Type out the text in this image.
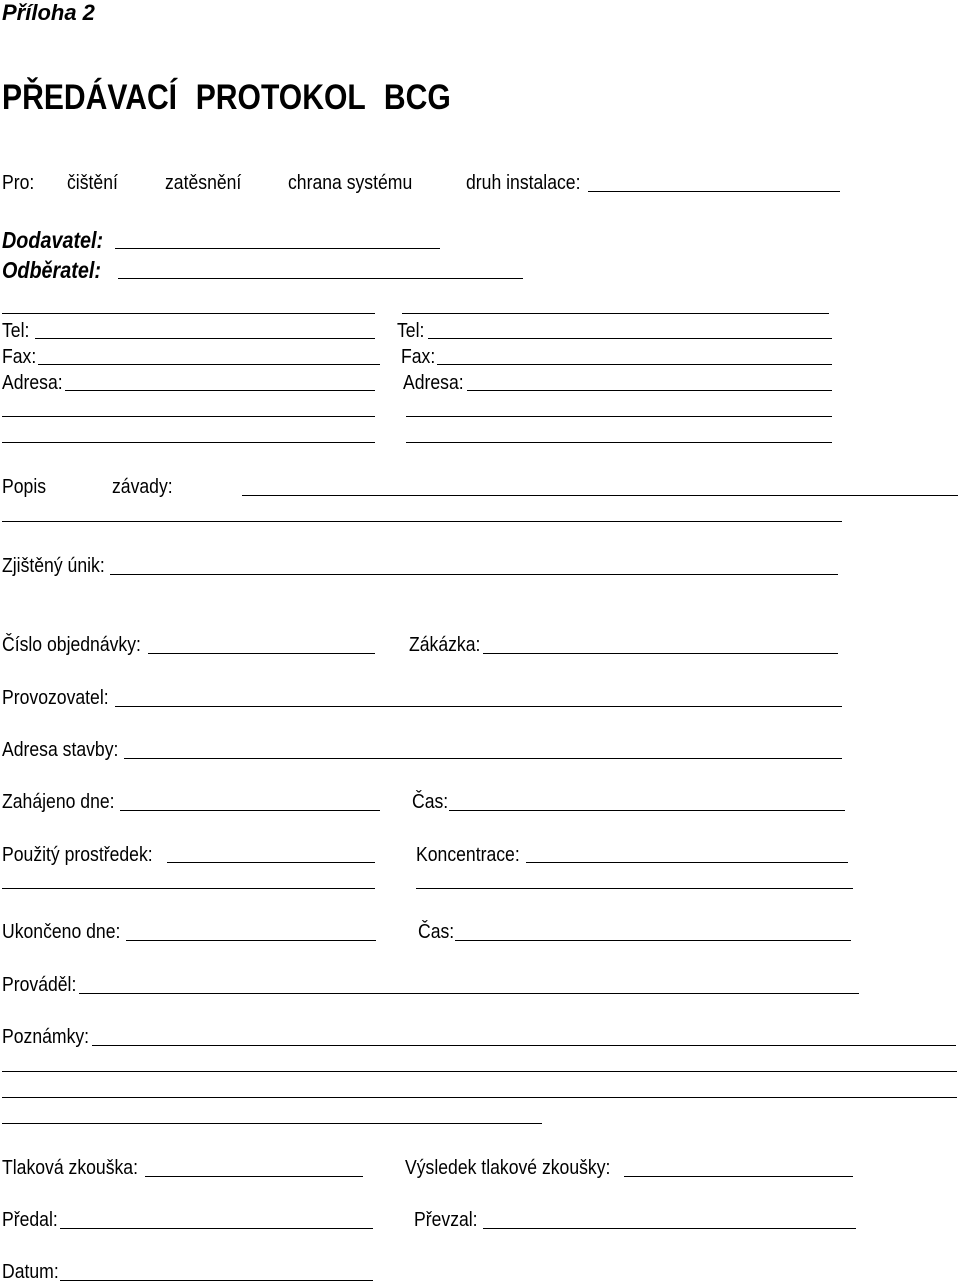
Příloha 2
PŘEDÁVACÍ PROTOKOL BCG
Pro: čištění zatěsnění chrana systému	druh instalace:
Dodavatel:
Odběratel:
Tel:	Tel:
Fax:	Fax:
Adresa:	Adresa:
Popis	závady:
Zjištěný únik:
Číslo objednávky:	Zákázka:
Provozovatel:
Adresa stavby:
Zahájeno dne:	Čas:
Použitý prostředek:	Koncentrace:
Ukončeno dne:	Čas:
Prováděl:
Poznámky:
Tlaková zkouška:	Výsledek tlakové zkoušky:
Předal:	Převzal:
Datum:
